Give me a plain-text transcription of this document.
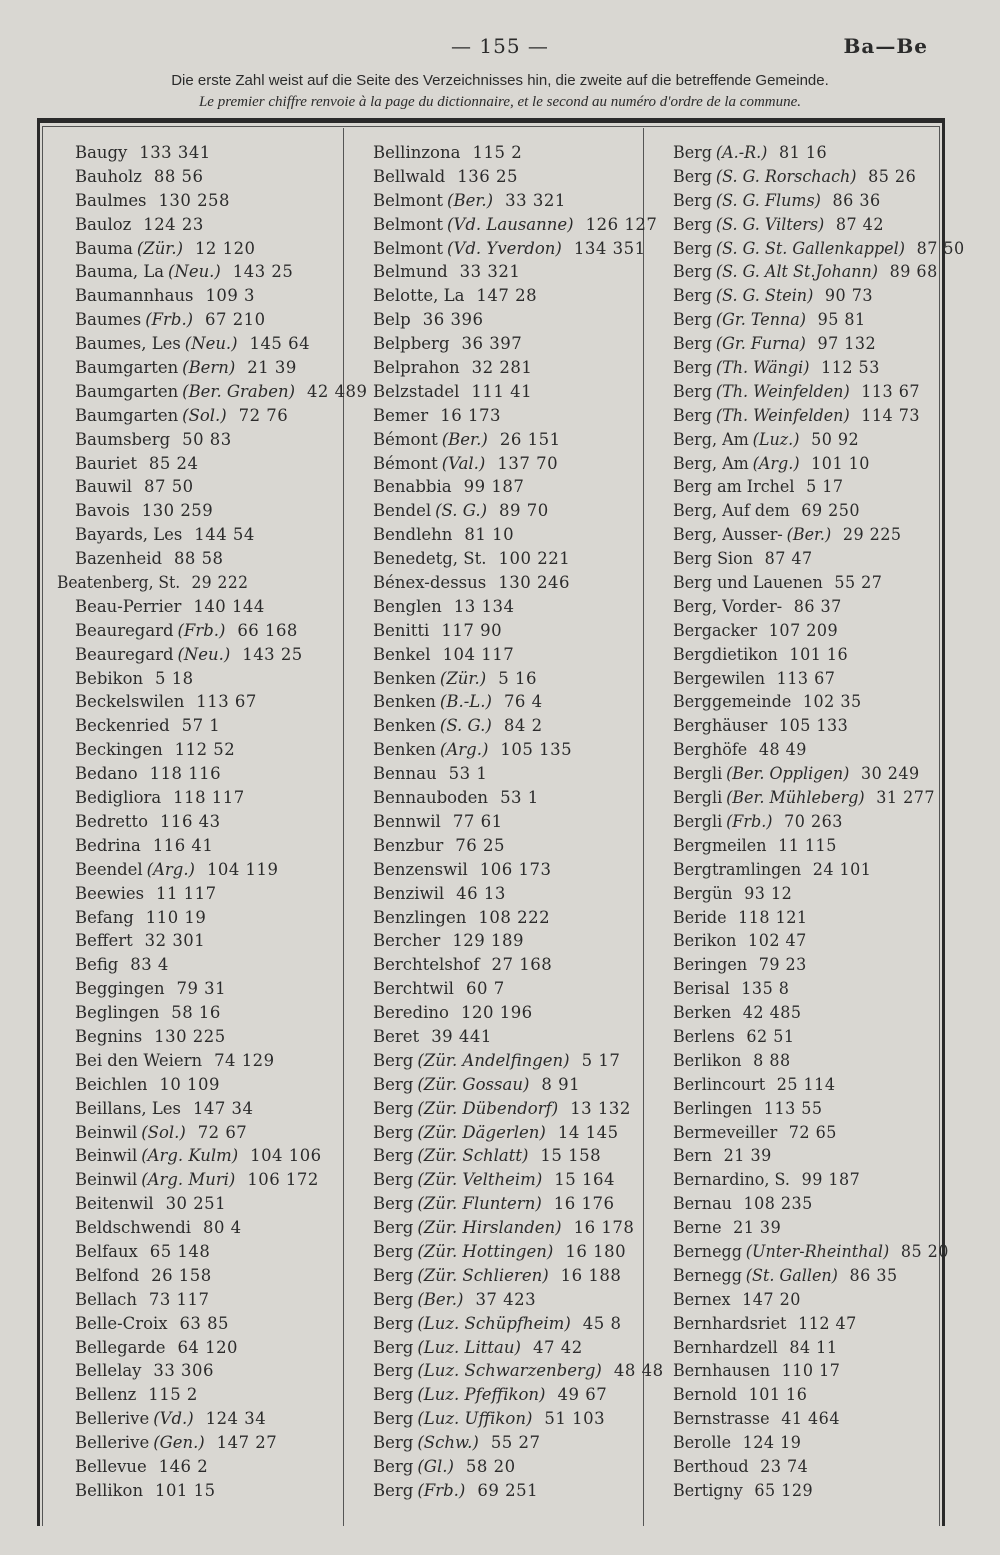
— 155 —	Ba—Be
Die erste Zahl weist auf die Seite des Verzeichnisses hin, die zweite auf die betreffende Gemeinde.
Le premier chiffre renvoie à la page du dictionnaire, et le second au numéro d'ordre de la commune.
Baugy 133 341
Bauholz 88 56
Baulmes 130 258
Bauloz 124 23
Bauma (Zür.) 12 120
Bauma, La (Neu.) 143 25
Baumannhaus 109 3
Baumes (Frb.) 67 210
Baumes, Les (Neu.) 145 64
Baumgarten (Bern) 21 39
Baumgarten (Ber. Graben) 42 489
Baumgarten (Sol.) 72 76
Baumsberg 50 83
Bauriet 85 24
Bauwil 87 50
Bavois 130 259
Bayards, Les 144 54
Bazenheid 88 58
Beatenberg, St. 29 222
Beau-Perrier 140 144
Beauregard (Frb.) 66 168
Beauregard (Neu.) 143 25
Bebikon 5 18
Beckelswilen 113 67
Beckenried 57 1
Beckingen 112 52
Bedano 118 116
Bedigliora 118 117
Bedretto 116 43
Bedrina 116 41
Beendel (Arg.) 104 119
Beewies 11 117
Befang 110 19
Beffert 32 301
Befig 83 4
Beggingen 79 31
Beglingen 58 16
Begnins 130 225
Bei den Weiern 74 129
Beichlen 10 109
Beillans, Les 147 34
Beinwil (Sol.) 72 67
Beinwil (Arg. Kulm) 104 106
Beinwil (Arg. Muri) 106 172
Beitenwil 30 251
Beldschwendi 80 4
Belfaux 65 148
Belfond 26 158
Bellach 73 117
Belle-Croix 63 85
Bellegarde 64 120
Bellelay 33 306
Bellenz 115 2
Bellerive (Vd.) 124 34
Bellerive (Gen.) 147 27
Bellevue 146 2
Bellikon 101 15
Bellinzona 115 2
Bellwald 136 25
Belmont (Ber.) 33 321
Belmont (Vd. Lausanne) 126 127
Belmont (Vd. Yverdon) 134 351
Belmund 33 321
Belotte, La 147 28
Belp 36 396
Belpberg 36 397
Belprahon 32 281
Belzstadel 111 41
Bemer 16 173
Bémont (Ber.) 26 151
Bémont (Val.) 137 70
Benabbia 99 187
Bendel (S. G.) 89 70
Bendlehn 81 10
Benedetg, St. 100 221
Bénex-dessus 130 246
Benglen 13 134
Benitti 117 90
Benkel 104 117
Benken (Zür.) 5 16
Benken (B.-L.) 76 4
Benken (S. G.) 84 2
Benken (Arg.) 105 135
Bennau 53 1
Bennauboden 53 1
Bennwil 77 61
Benzbur 76 25
Benzenswil 106 173
Benziwil 46 13
Benzlingen 108 222
Bercher 129 189
Berchtelshof 27 168
Berchtwil 60 7
Beredino 120 196
Beret 39 441
Berg (Zür. Andelfingen) 5 17
Berg (Zür. Gossau) 8 91
Berg (Zür. Dübendorf) 13 132
Berg (Zür. Dägerlen) 14 145
Berg (Zür. Schlatt) 15 158
Berg (Zür. Veltheim) 15 164
Berg (Zür. Fluntern) 16 176
Berg (Zür. Hirslanden) 16 178
Berg (Zür. Hottingen) 16 180
Berg (Zür. Schlieren) 16 188
Berg (Ber.) 37 423
Berg (Luz. Schüpfheim) 45 8
Berg (Luz. Littau) 47 42
Berg (Luz. Schwarzenberg) 48 48
Berg (Luz. Pfeffikon) 49 67
Berg (Luz. Uffikon) 51 103
Berg (Schw.) 55 27
Berg (Gl.) 58 20
Berg (Frb.) 69 251
Berg (A.-R.) 81 16
Berg (S. G. Rorschach) 85 26
Berg (S. G. Flums) 86 36
Berg (S. G. Vilters) 87 42
Berg (S. G. St. Gallenkappel) 87 50
Berg (S. G. Alt St.Johann) 89 68
Berg (S. G. Stein) 90 73
Berg (Gr. Tenna) 95 81
Berg (Gr. Furna) 97 132
Berg (Th. Wängi) 112 53
Berg (Th. Weinfelden) 113 67
Berg (Th. Weinfelden) 114 73
Berg, Am (Luz.) 50 92
Berg, Am (Arg.) 101 10
Berg am Irchel 5 17
Berg, Auf dem 69 250
Berg, Ausser- (Ber.) 29 225
Berg Sion 87 47
Berg und Lauenen 55 27
Berg, Vorder- 86 37
Bergacker 107 209
Bergdietikon 101 16
Bergewilen 113 67
Berggemeinde 102 35
Berghäuser 105 133
Berghöfe 48 49
Bergli (Ber. Oppligen) 30 249
Bergli (Ber. Mühleberg) 31 277
Bergli (Frb.) 70 263
Bergmeilen 11 115
Bergtramlingen 24 101
Bergün 93 12
Beride 118 121
Berikon 102 47
Beringen 79 23
Berisal 135 8
Berken 42 485
Berlens 62 51
Berlikon 8 88
Berlincourt 25 114
Berlingen 113 55
Bermeveiller 72 65
Bern 21 39
Bernardino, S. 99 187
Bernau 108 235
Berne 21 39
Bernegg (Unter-Rheinthal) 85 20
Bernegg (St. Gallen) 86 35
Bernex 147 20
Bernhardsriet 112 47
Bernhardzell 84 11
Bernhausen 110 17
Bernold 101 16
Bernstrasse 41 464
Berolle 124 19
Berthoud 23 74
Bertigny 65 129
